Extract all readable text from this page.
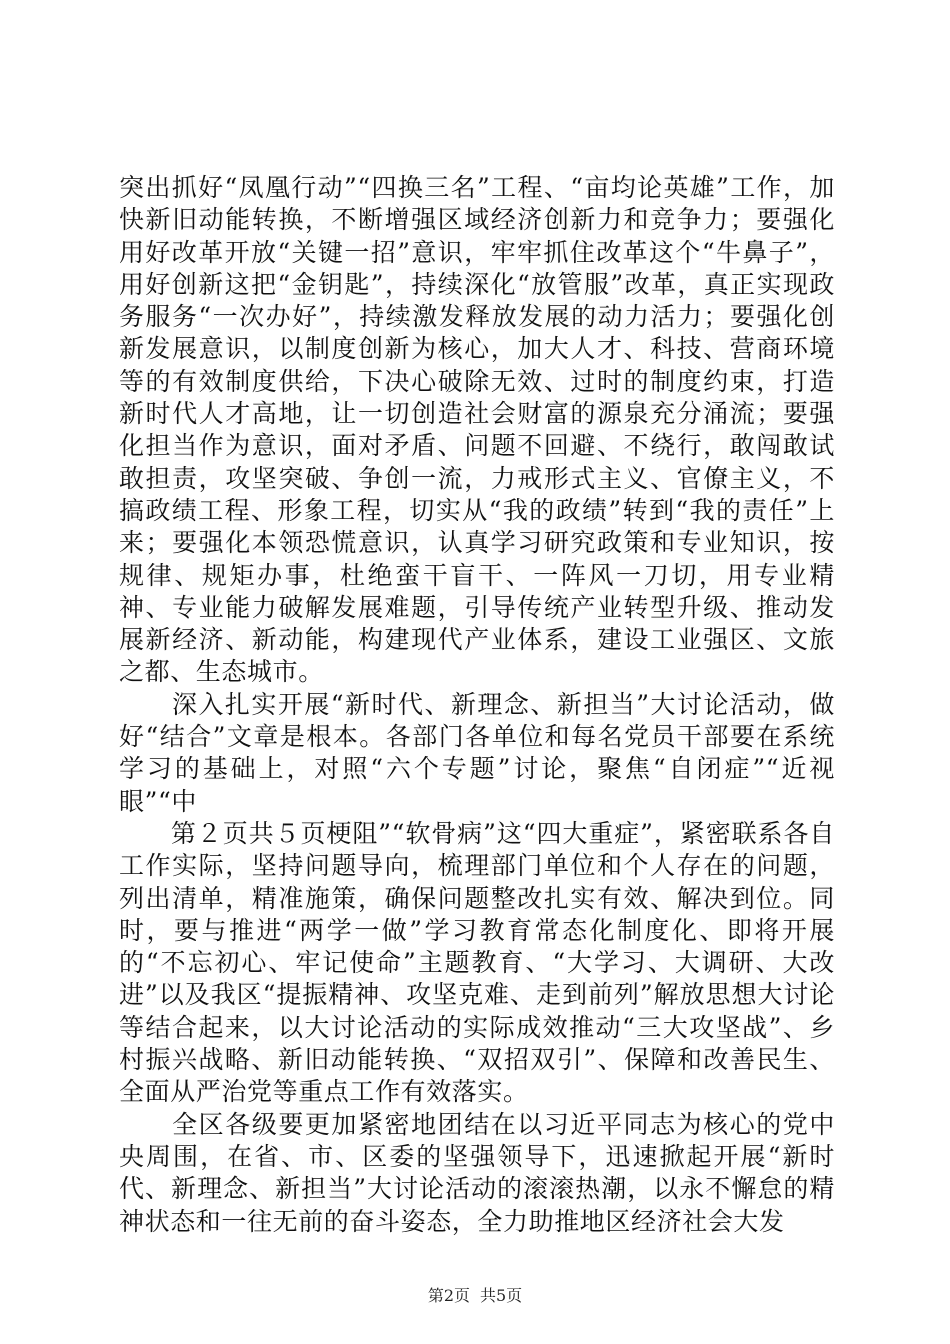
突出抓好“凤凰行动”“四换三名”工程、“亩均论英雄”工作，加快新旧动能转换，不断增强区域经济创新力和竞争力；要强化用好改革开放“关键一招”意识，牢牢抓住改革这个“牛鼻子”，用好创新这把“金钥匙”，持续深化“放管服”改革，真正实现政务服务“一次办好”，持续激发释放发展的动力活力；要强化创新发展意识，以制度创新为核心，加大人才、科技、营商环境等的有效制度供给，下决心破除无效、过时的制度约束，打造新时代人才高地，让一切创造社会财富的源泉充分涌流；要强化担当作为意识，面对矛盾、问题不回避、不绕行，敢闯敢试敢担责，攻坚突破、争创一流，力戒形式主义、官僚主义，不搞政绩工程、形象工程，切实从“我的政绩”转到“我的责任”上来；要强化本领恐慌意识，认真学习研究政策和专业知识，按规律、规矩办事，杜绝蛮干盲干、一阵风一刀切，用专业精神、专业能力破解发展难题，引导传统产业转型升级、推动发展新经济、新动能，构建现代产业体系，建设工业强区、文旅之都、生态城市。

　　深入扎实开展“新时代、新理念、新担当”大讨论活动，做好“结合”文章是根本。各部门各单位和每名党员干部要在系统学习的基础上，对照“六个专题”讨论，聚焦“自闭症”“近视眼”“中

　　第２页共５页梗阻”“软骨病”这“四大重症”，紧密联系各自工作实际，坚持问题导向，梳理部门单位和个人存在的问题，列出清单，精准施策，确保问题整改扎实有效、解决到位。同时，要与推进“两学一做”学习教育常态化制度化、即将开展的“不忘初心、牢记使命”主题教育、“大学习、大调研、大改进”以及我区“提振精神、攻坚克难、走到前列”解放思想大讨论等结合起来，以大讨论活动的实际成效推动“三大攻坚战”、乡村振兴战略、新旧动能转换、“双招双引”、保障和改善民生、全面从严治党等重点工作有效落实。

　　全区各级要更加紧密地团结在以习近平同志为核心的党中央周围，在省、市、区委的坚强领导下，迅速掀起开展“新时代、新理念、新担当”大讨论活动的滚滚热潮，以永不懈怠的精神状态和一往无前的奋斗姿态，全力助推地区经济社会大发

第2页 共5页
